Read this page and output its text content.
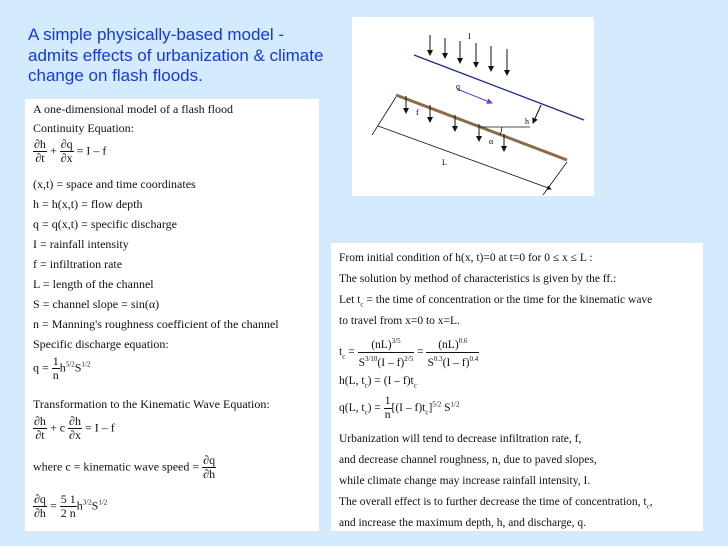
A simple physically-based model - admits effects of urbanization & climate change on flash floods.
A one-dimensional model of a flash flood
Continuity Equation:
$\frac{\partial h}{\partial t} + \frac{\partial q}{\partial x} = I - f$
(x,t) = space and time coordinates
h = h(x,t) = flow depth
q = q(x,t) = specific discharge
I = rainfall intensity
f = infiltration rate
L = length of the channel
S = channel slope = sin(α)
n = Manning's roughness coefficient of the channel
Specific discharge equation:
$q = \frac{1}{n} h^{5/2}S^{1/2}$
Transformation to the Kinematic Wave Equation:
$\frac{\partial h}{\partial t} + c \frac{\partial h}{\partial x} = I - f$
where c = kinematic wave speed = $\frac{\partial q}{\partial h}$
$\frac{\partial q}{\partial h} = \frac{5 1}{2 n} h^{3/2}S^{1/2}$
I
q
f
h
α
L
From initial condition of h(x, t)=0 at t=0 for 0 ≤ x ≤ L :
The solution by method of characteristics is given by the ff.:
Let $t_c$ = the time of concentration or the time for the kinematic wave
to travel from x=0 to x=L.
$t_c = \frac{(nL)^{3/5}}{S^{3/10}(I - f)^{2/5}} = \frac{(nL)^{0.6}}{S^{0.3}(I - f)^{0.4}}$
h(L, $t_c) = (I - f)t_c$
q(L, $t_c) = \frac{1}{n} [(I - f)t_c]^{5/2}$ $S^{1/2}$
Urbanization will tend to decrease infiltration rate, f,
and decrease channel roughness, n, due to paved slopes,
while climate change may increase rainfall intensity, I.
The overall effect is to further decrease the time of concentration, $t_c$,
and increase the maximum depth, h, and discharge, q.
